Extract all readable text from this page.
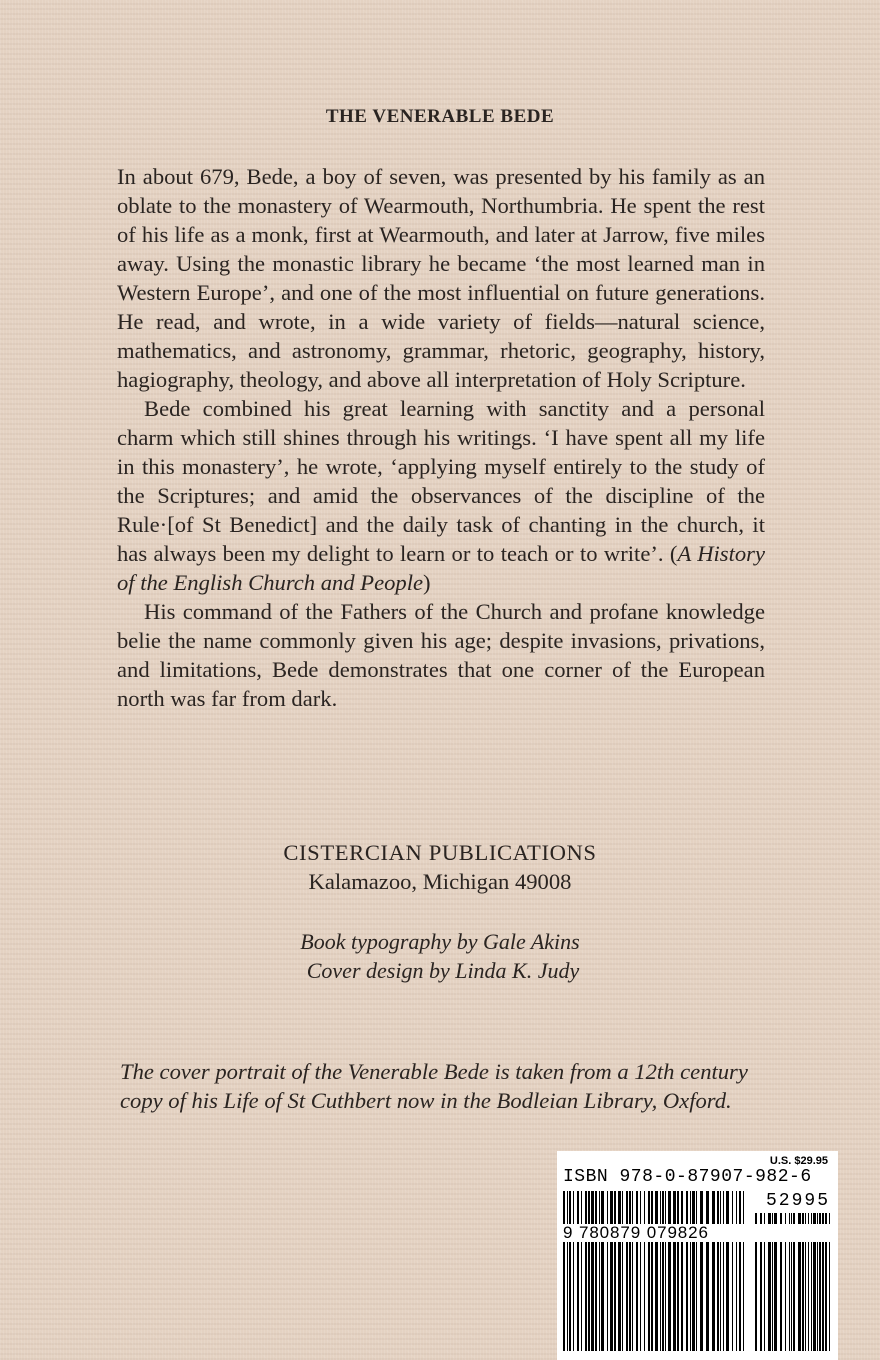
THE VENERABLE BEDE

In about 679, Bede, a boy of seven, was presented by his family as an oblate to the monastery of Wearmouth, Northumbria. He spent the rest of his life as a monk, first at Wearmouth, and later at Jarrow, five miles away. Using the monastic library he became ‘the most learned man in Western Europe’, and one of the most influential on future generations. He read, and wrote, in a wide variety of fields—natural science, mathematics, and astronomy, grammar, rhetoric, geography, history, hagiography, theology, and above all interpretation of Holy Scripture.

Bede combined his great learning with sanctity and a personal charm which still shines through his writings. ‘I have spent all my life in this monastery’, he wrote, ‘applying myself entirely to the study of the Scriptures; and amid the observances of the discipline of the Rule·[of St Benedict] and the daily task of chanting in the church, it has always been my delight to learn or to teach or to write’. (A History of the English Church and People)

His command of the Fathers of the Church and profane knowledge belie the name commonly given his age; despite invasions, privations, and limitations, Bede demonstrates that one corner of the European north was far from dark.

CISTERCIAN PUBLICATIONS
Kalamazoo, Michigan 49008
Book typography by Gale Akins
Cover design by Linda K. Judy
The cover portrait of the Venerable Bede is taken from a 12th century copy of his Life of St Cuthbert now in the Bodleian Library, Oxford.
U.S. $29.95
ISBN 978-0-87907-982-6
52995
9 780879 079826
